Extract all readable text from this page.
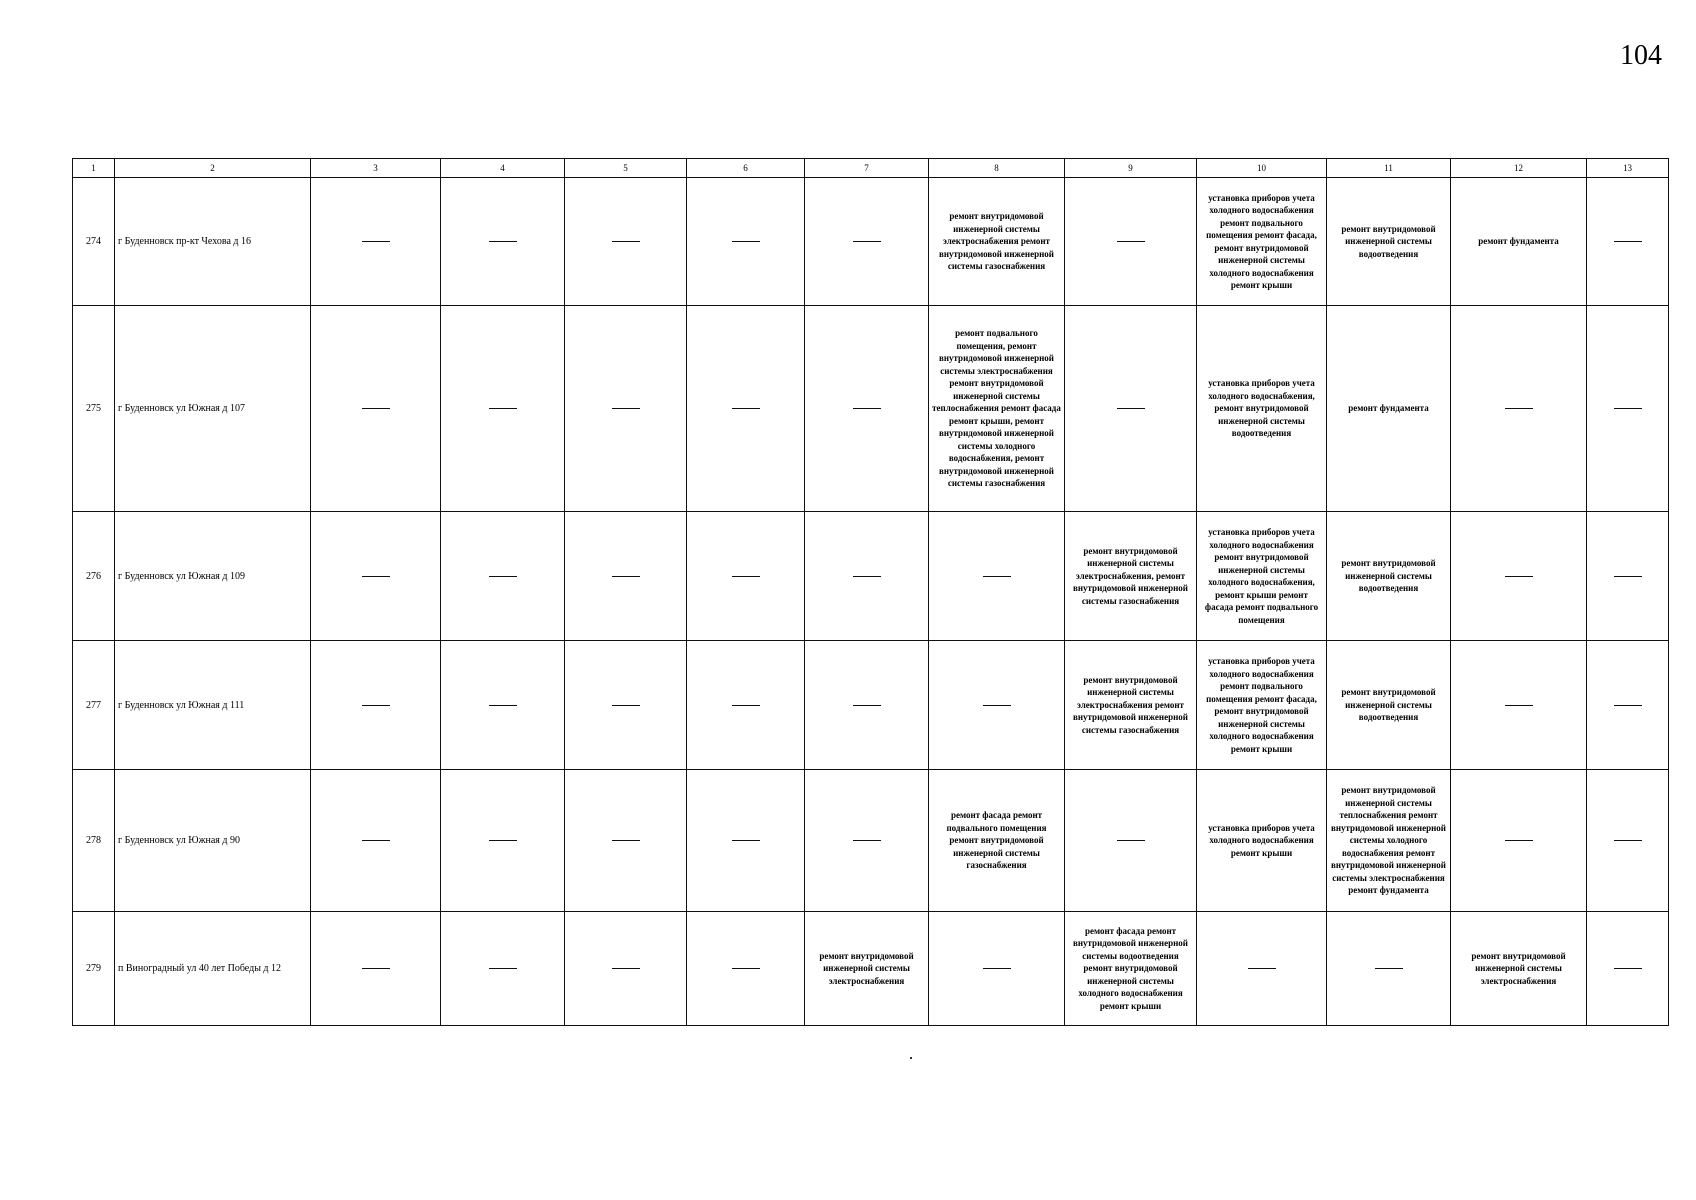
104
1	2	3	4	5	6	7	8	9	10	11	12	13
274	г Буденновск пр-кт Чехова д 16						ремонт внутридомовой инженерной системы электроснабжения ремонт внутридомовой инженерной системы газоснабжения		установка приборов учета холодного водоснабжения ремонт подвального помещения ремонт фасада, ремонт внутридомовой инженерной системы холодного водоснабжения ремонт крыши	ремонт внутридомовой инженерной системы водоотведения	ремонт фундамента	
275	г Буденновск ул Южная д 107						ремонт подвального помещения, ремонт внутридомовой инженерной системы электроснабжения ремонт внутридомовой инженерной системы теплоснабжения ремонт фасада ремонт крыши, ремонт внутридомовой инженерной системы холодного водоснабжения, ремонт внутридомовой инженерной системы газоснабжения		установка приборов учета холодного водоснабжения, ремонт внутридомовой инженерной системы водоотведения	ремонт фундамента		
276	г Буденновск ул Южная д 109							ремонт внутридомовой инженерной системы электроснабжения, ремонт внутридомовой инженерной системы газоснабжения	установка приборов учета холодного водоснабжения ремонт внутридомовой инженерной системы холодного водоснабжения, ремонт крыши ремонт фасада ремонт подвального помещения	ремонт внутридомовой инженерной системы водоотведения		
277	г Буденновск ул Южная д 111							ремонт внутридомовой инженерной системы электроснабжения ремонт внутридомовой инженерной системы газоснабжения	установка приборов учета холодного водоснабжения ремонт подвального помещения ремонт фасада, ремонт внутридомовой инженерной системы холодного водоснабжения ремонт крыши	ремонт внутридомовой инженерной системы водоотведения		
278	г Буденновск ул Южная д 90						ремонт фасада ремонт подвального помещения ремонт внутридомовой инженерной системы газоснабжения		установка приборов учета холодного водоснабжения ремонт крыши	ремонт внутридомовой инженерной системы теплоснабжения ремонт внутридомовой инженерной системы холодного водоснабжения ремонт внутридомовой инженерной системы электроснабжения ремонт фундамента		
279	п Виноградный ул 40 лет Победы д 12					ремонт внутридомовой инженерной системы электроснабжения		ремонт фасада ремонт внутридомовой инженерной системы водоотведения ремонт внутридомовой инженерной системы холодного водоснабжения ремонт крыши			ремонт внутридомовой инженерной системы электроснабжения	
